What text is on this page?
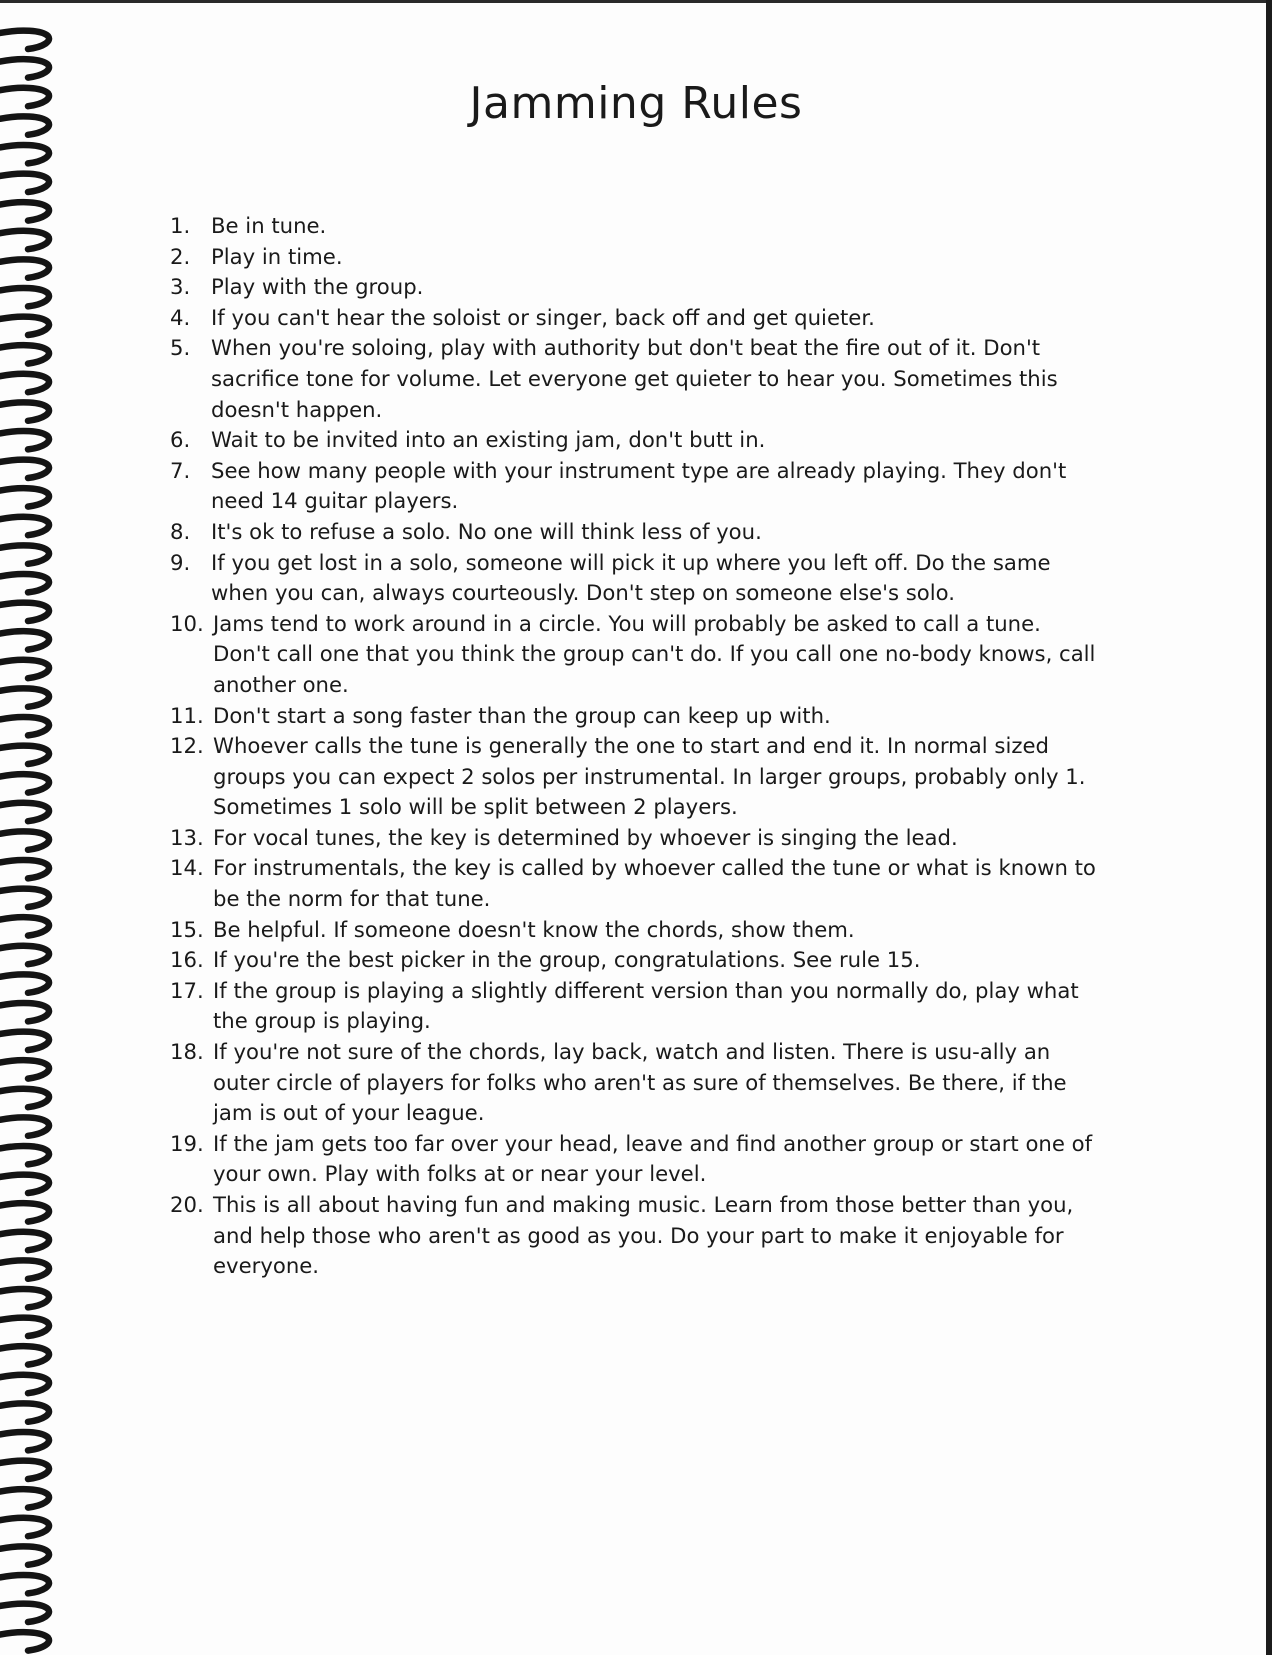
Jamming Rules
1. Be in tune.
2. Play in time.
3. Play with the group.
4. If you can't hear the soloist or singer, back off and get quieter.
5. When you're soloing, play with authority but don't beat the fire out of it. Don't sacrifice tone for volume. Let everyone get quieter to hear you. Sometimes this doesn't happen.
6. Wait to be invited into an existing jam, don't butt in.
7. See how many people with your instrument type are already playing. They don't need 14 guitar players.
8. It's ok to refuse a solo. No one will think less of you.
9. If you get lost in a solo, someone will pick it up where you left off. Do the same when you can, always courteously. Don't step on someone else's solo.
10. Jams tend to work around in a circle. You will probably be asked to call a tune. Don't call one that you think the group can't do. If you call one no-body knows, call another one.
11. Don't start a song faster than the group can keep up with.
12. Whoever calls the tune is generally the one to start and end it. In normal sized groups you can expect 2 solos per instrumental. In larger groups, probably only 1. Sometimes 1 solo will be split between 2 players.
13. For vocal tunes, the key is determined by whoever is singing the lead.
14. For instrumentals, the key is called by whoever called the tune or what is known to be the norm for that tune.
15. Be helpful. If someone doesn't know the chords, show them.
16. If you're the best picker in the group, congratulations. See rule 15.
17. If the group is playing a slightly different version than you normally do, play what the group is playing.
18. If you're not sure of the chords, lay back, watch and listen. There is usu-ally an outer circle of players for folks who aren't as sure of themselves. Be there, if the jam is out of your league.
19. If the jam gets too far over your head, leave and find another group or start one of your own. Play with folks at or near your level.
20. This is all about having fun and making music. Learn from those better than you, and help those who aren't as good as you. Do your part to make it enjoyable for everyone.
